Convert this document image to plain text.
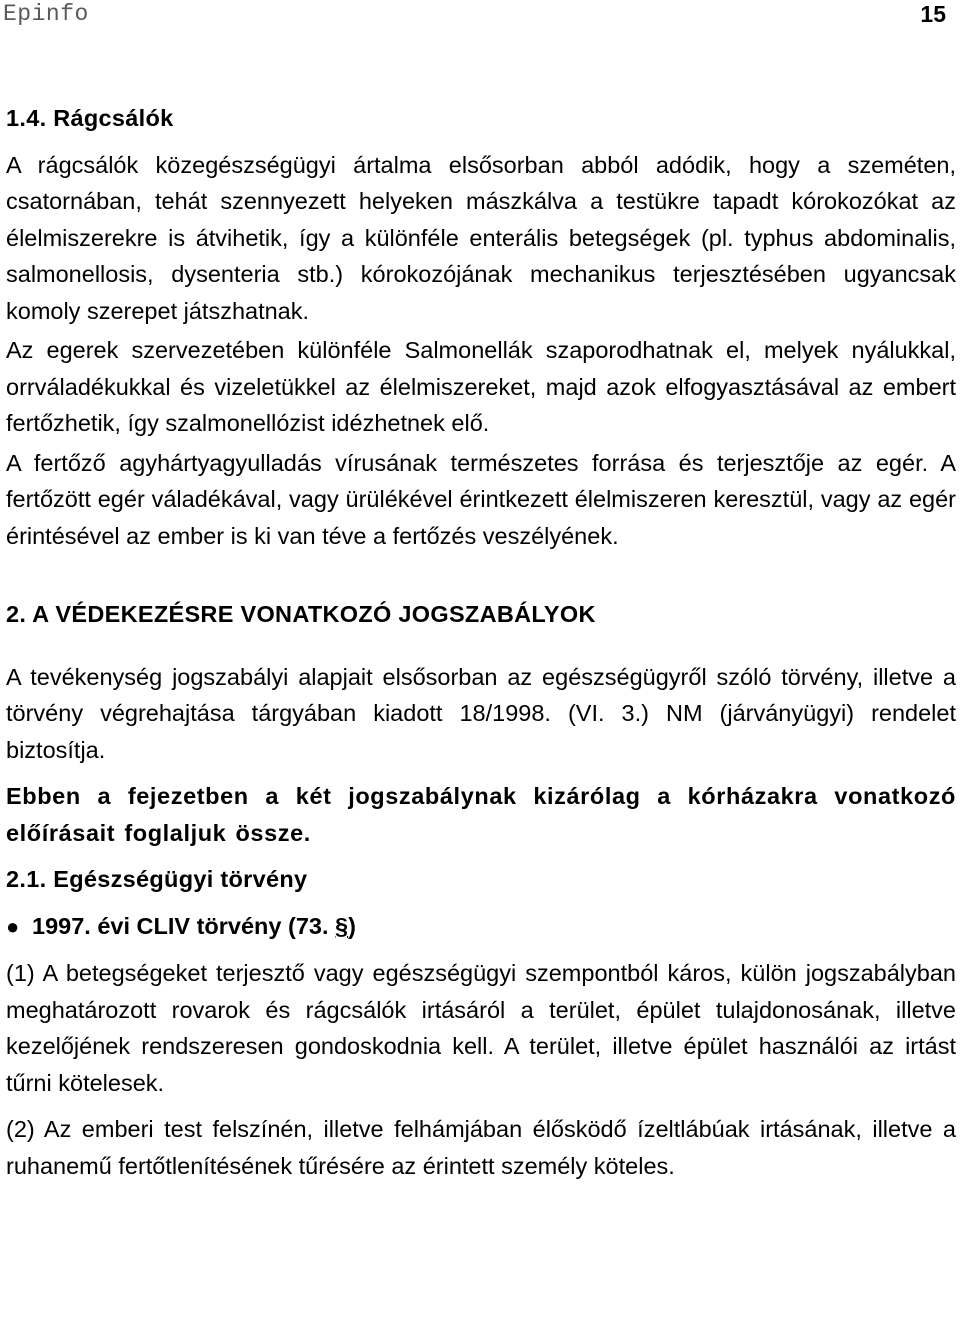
Epinfo	15

1.4. Rágcsálók

A rágcsálók közegészségügyi ártalma elsősorban abból adódik, hogy a szeméten, csatornában, tehát szennyezett helyeken mászkálva a testükre tapadt kórokozókat az élelmiszerekre is átvihetik, így a különféle enterális betegségek (pl. typhus abdominalis, salmonellosis, dysenteria stb.) kórokozójának mechanikus terjesztésében ugyancsak komoly szerepet játszhatnak.

Az egerek szervezetében különféle Salmonellák szaporodhatnak el, melyek nyálukkal, orrváladékukkal és vizeletükkel az élelmiszereket, majd azok elfogyasztásával az embert fertőzhetik, így szalmonellózist idézhetnek elő.

A fertőző agyhártyagyulladás vírusának természetes forrása és terjesztője az egér. A fertőzött egér váladékával, vagy ürülékével érintkezett élelmiszeren keresztül, vagy az egér érintésével az ember is ki van téve a fertőzés veszélyének.

2. A VÉDEKEZÉSRE VONATKOZÓ JOGSZABÁLYOK

A tevékenység jogszabályi alapjait elsősorban az egészségügyről szóló törvény, illetve a törvény végrehajtása tárgyában kiadott 18/1998. (VI. 3.) NM (járványügyi) rendelet biztosítja.

Ebben a fejezetben a két jogszabálynak kizárólag a kórházakra vonatkozó előírásait foglaljuk össze.

2.1. Egészségügyi törvény

● 1997. évi CLIV törvény (73. §)

(1) A betegségeket terjesztő vagy egészségügyi szempontból káros, külön jogszabályban meghatározott rovarok és rágcsálók irtásáról a terület, épület tulajdonosának, illetve kezelőjének rendszeresen gondoskodnia kell. A terület, illetve épület használói az irtást tűrni kötelesek.

(2) Az emberi test felszínén, illetve felhámjában élősködő ízeltlábúak irtásának, illetve a ruhanemű fertőtlenítésének tűrésére az érintett személy köteles.
